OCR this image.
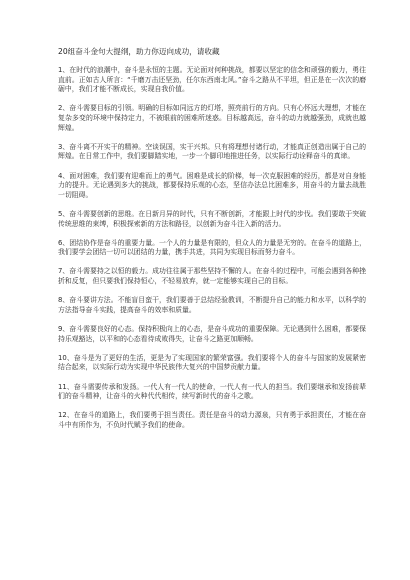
20组奋斗金句大提纲，助力你迈向成功，请收藏

1、在时代的浪潮中，奋斗是永恒的主题。无论面对何种挑战，都要以坚定的信念和顽强的毅力，勇往直前。正如古人所言：“千磨万击还坚劲，任尔东西南北风。”奋斗之路从不平坦，但正是在一次次的磨砺中，我们才能不断成长，实现自我价值。

2、奋斗需要目标的引领。明确的目标如同远方的灯塔，照亮前行的方向。只有心怀远大理想，才能在复杂多变的环境中保持定力，不被眼前的困难所迷惑。目标越高远，奋斗的动力就越强劲，成就也越辉煌。

3、奋斗离不开实干的精神。空谈误国，实干兴邦。只有将理想付诸行动，才能真正创造出属于自己的辉煌。在日常工作中，我们要脚踏实地，一步一个脚印地推进任务，以实际行动诠释奋斗的真谛。

4、面对困难，我们要有迎难而上的勇气。困难是成长的阶梯，每一次克服困难的经历，都是对自身能力的提升。无论遇到多大的挑战，都要保持乐观的心态，坚信办法总比困难多，用奋斗的力量去战胜一切阻碍。

5、奋斗需要创新的思维。在日新月异的时代，只有不断创新，才能跟上时代的步伐。我们要敢于突破传统思维的束缚，积极探索新的方法和路径，以创新为奋斗注入新的活力。

6、团结协作是奋斗的重要力量。一个人的力量是有限的，但众人的力量是无穷的。在奋斗的道路上，我们要学会团结一切可以团结的力量，携手共进，共同为实现目标而努力奋斗。

7、奋斗需要持之以恒的毅力。成功往往属于那些坚持不懈的人。在奋斗的过程中，可能会遇到各种挫折和反复，但只要我们保持恒心，不轻易放弃，就一定能够实现自己的目标。

8、奋斗要讲方法。不能盲目蛮干，我们要善于总结经验教训，不断提升自己的能力和水平，以科学的方法指导奋斗实践，提高奋斗的效率和质量。

9、奋斗需要良好的心态。保持积极向上的心态，是奋斗成功的重要保障。无论遇到什么困难，都要保持乐观豁达，以平和的心态看待成败得失，让奋斗之路更加顺畅。

10、奋斗是为了更好的生活，更是为了实现国家的繁荣富强。我们要将个人的奋斗与国家的发展紧密结合起来，以实际行动为实现中华民族伟大复兴的中国梦贡献力量。

11、奋斗需要传承和发扬。一代人有一代人的使命，一代人有一代人的担当。我们要继承和发扬前辈们的奋斗精神，让奋斗的火种代代相传，续写新时代的奋斗之歌。

12、在奋斗的道路上，我们要勇于担当责任。责任是奋斗的动力源泉，只有勇于承担责任，才能在奋斗中有所作为，不负时代赋予我们的使命。
